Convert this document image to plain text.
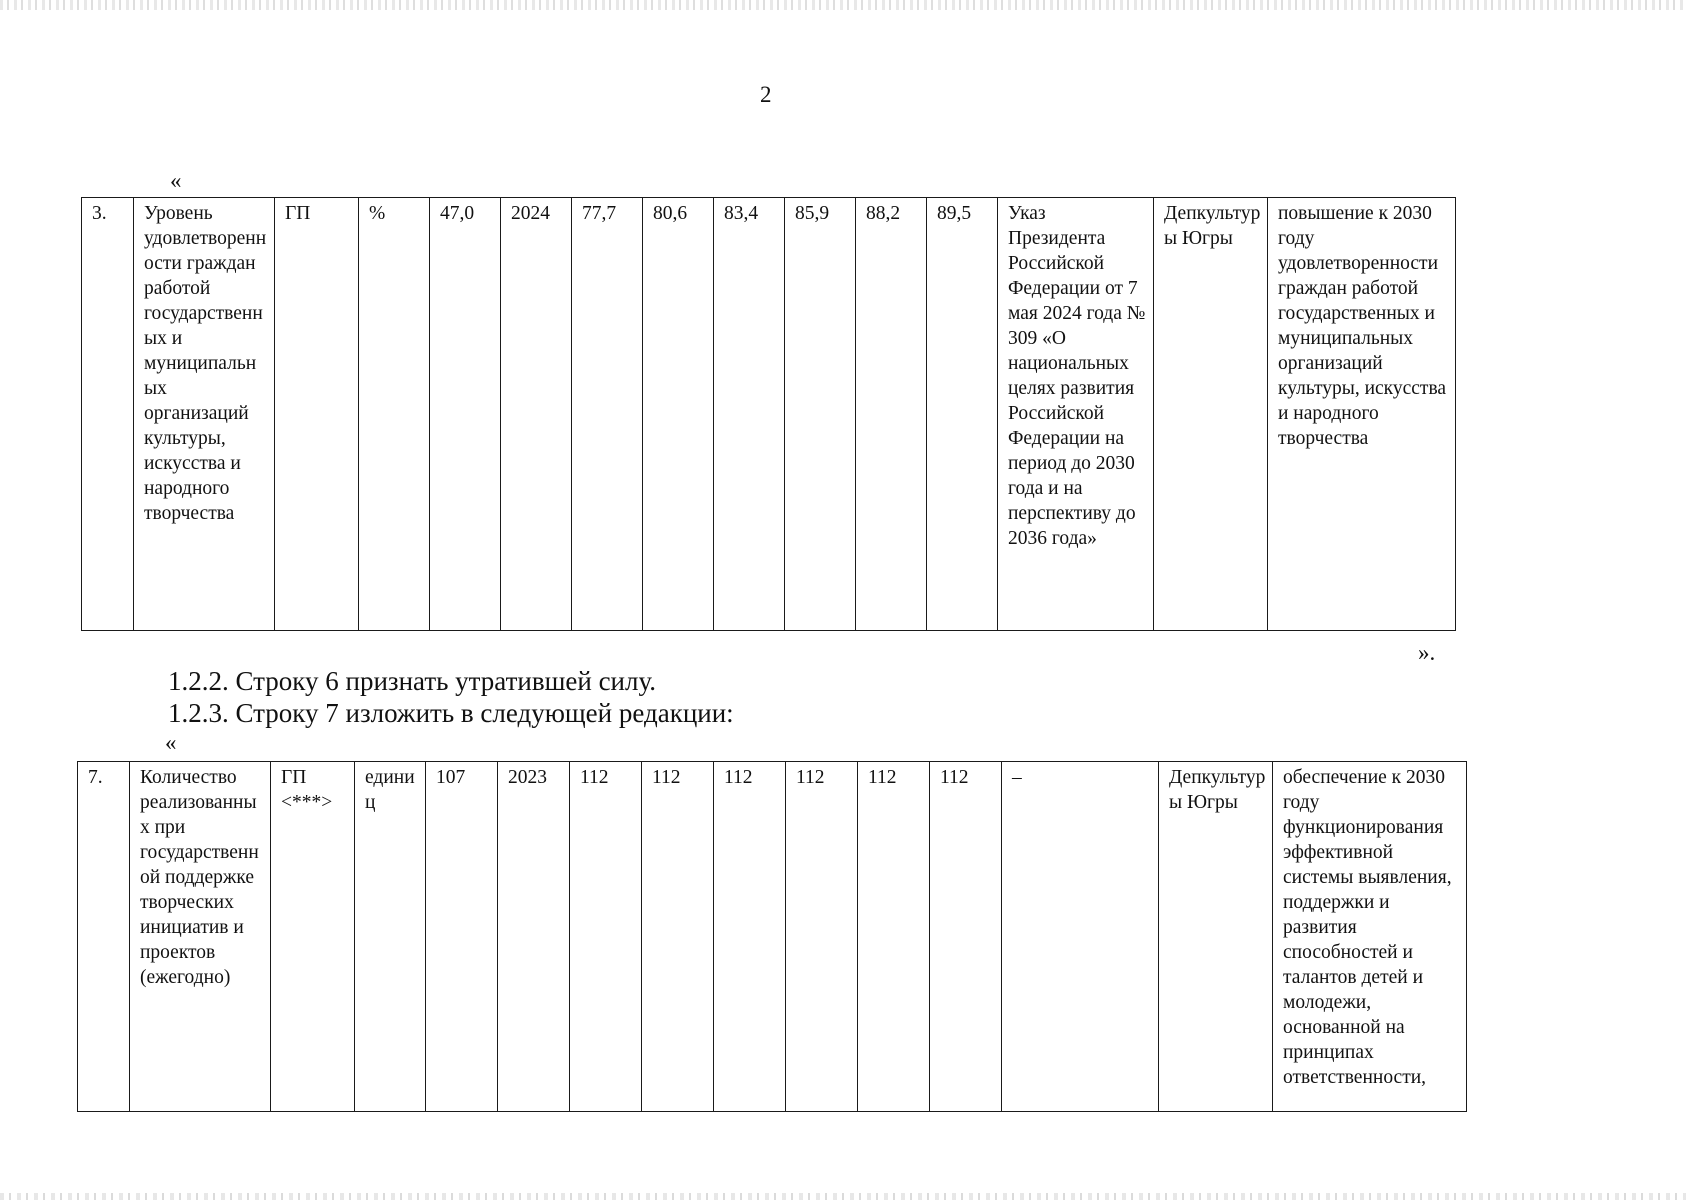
2
«
3.	Уровень удовлетворенности граждан работой государственных и муниципальных организаций культуры, искусства и народного творчества	ГП	%	47,0	2024	77,7	80,6	83,4	85,9	88,2	89,5	Указ Президента Российской Федерации от 7 мая 2024 года № 309 «О национальных целях развития Российской Федерации на период до 2030 года и на перспективу до 2036 года»	Депкультуры Югры	повышение к 2030 году удовлетворенности граждан работой государственных и муниципальных организаций культуры, искусства и народного творчества
».
1.2.2. Строку 6 признать утратившей силу.
1.2.3. Строку 7 изложить в следующей редакции:
«
7.	Количество реализованных при государственной поддержке творческих инициатив и проектов (ежегодно)	ГП <***>	единиц	107	2023	112	112	112	112	112	112	–	Депкультуры Югры	обеспечение к 2030 году функционирования эффективной системы выявления, поддержки и развития способностей и талантов детей и молодежи, основанной на принципах ответственности,
